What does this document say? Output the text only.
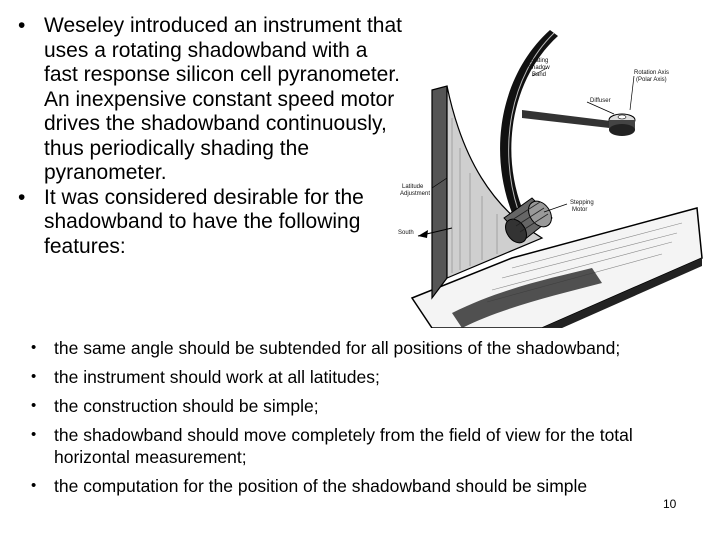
• Weseley introduced an instrument that uses a rotating shadowband with a fast response silicon cell pyranometer. An inexpensive constant speed motor drives the shadowband continuously, thus periodically shading the pyranometer.
• It was considered desirable for the shadowband to have the following features:
Rotating Shadow Band	Rotation Axis (Polar Axis)
Diffuser
Latitude Adjustment
Stepping Motor
South
• the same angle should be subtended for all positions of the shadowband;
• the instrument should work at all latitudes;
• the construction should be simple;
• the shadowband should move completely from the field of view for the total horizontal measurement;
• the computation for the position of the shadowband should be simple
10
